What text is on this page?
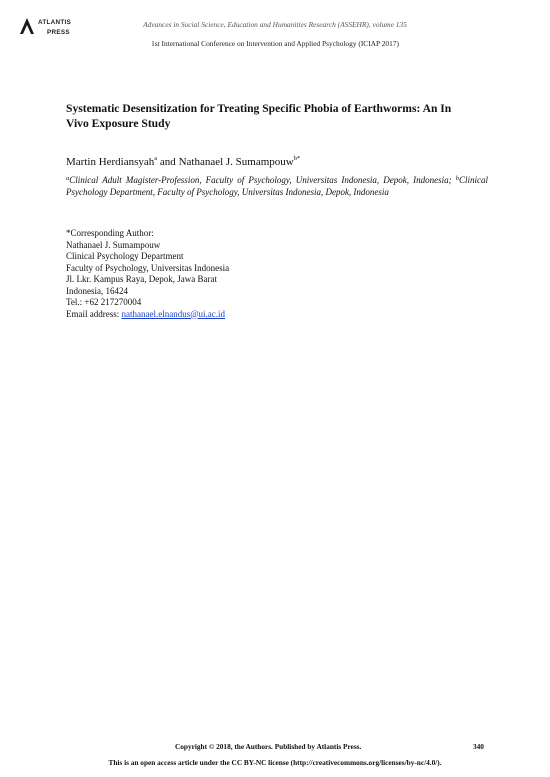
ATLANTIS
PRESS
Advances in Social Science, Education and Humanities Research (ASSEHR), volume 135
1st International Conference on Intervention and Applied Psychology (ICIAP 2017)
Systematic Desensitization for Treating Specific Phobia of Earthworms: An In
Vivo Exposure Study
Martin Herdiansyah$^a$ and Nathanael J. Sumampouw$^{b*}$
$^a$Clinical Adult Magister-Profession, Faculty of Psychology, Universitas Indonesia, Depok, Indonesia; $^b$Clinical Psychology Department, Faculty of Psychology, Universitas Indonesia, Depok, Indonesia
*Corresponding Author:
Nathanael J. Sumampouw
Clinical Psychology Department
Faculty of Psychology, Universitas Indonesia
Jl. Lkr. Kampus Raya, Depok, Jawa Barat
Indonesia, 16424
Tel.: +62 217270004
Email address: nathanael.elnandus@ui.ac.id
Copyright © 2018, the Authors. Published by Atlantis Press.	340
This is an open access article under the CC BY-NC license (http://creativecommons.org/licenses/by-nc/4.0/).
